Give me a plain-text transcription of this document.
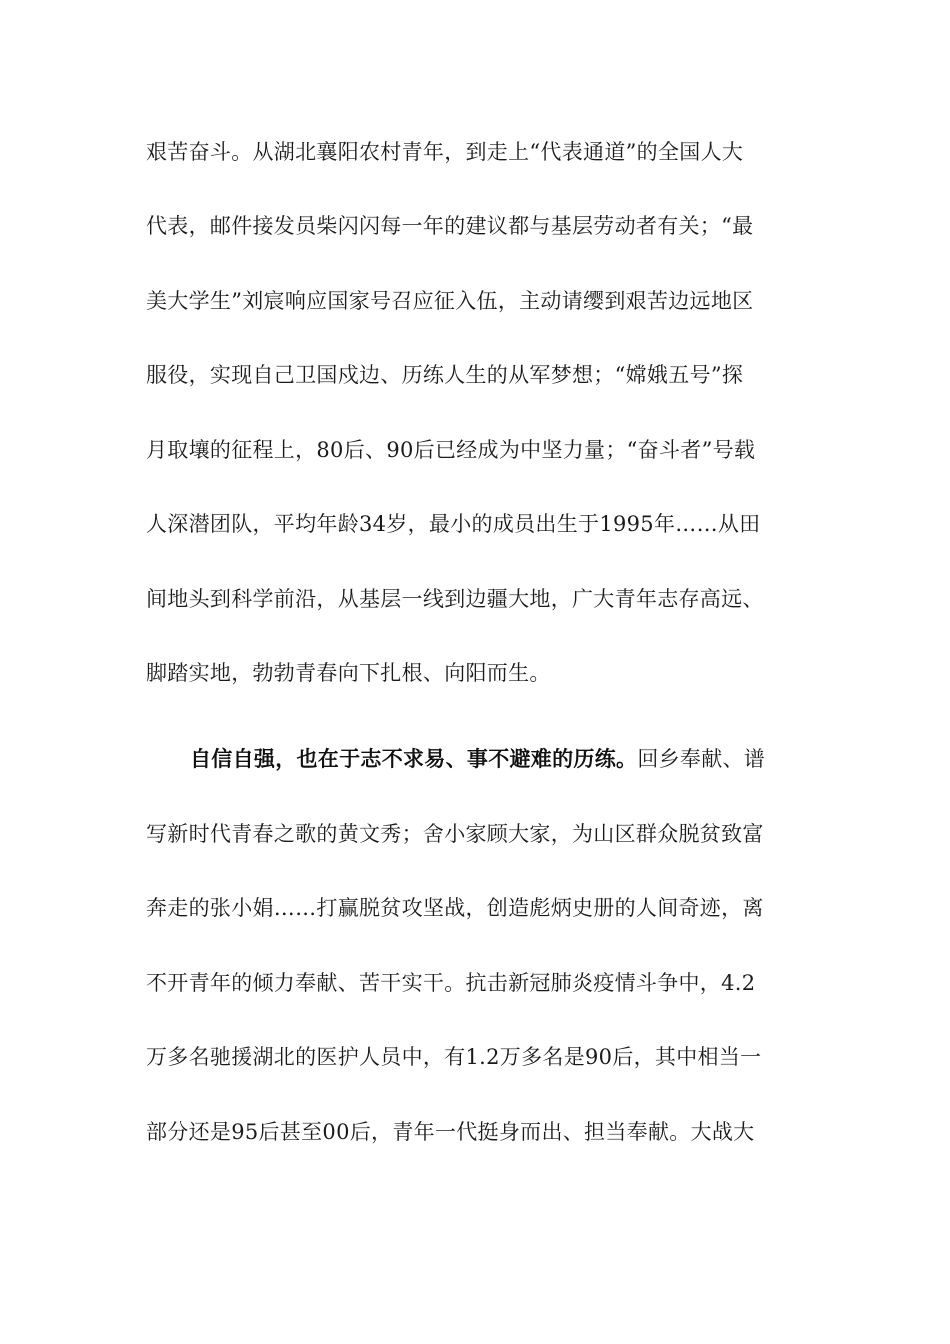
艰苦奋斗。从湖北襄阳农村青年，到走上“代表通道”的全国人大
代表，邮件接发员柴闪闪每一年的建议都与基层劳动者有关；“最
美大学生”刘宸响应国家号召应征入伍，主动请缨到艰苦边远地区
服役，实现自己卫国戍边、历练人生的从军梦想；“嫦娥五号”探
月取壤的征程上，80后、90后已经成为中坚力量；“奋斗者”号载
人深潜团队，平均年龄34岁，最小的成员出生于1995年……从田
间地头到科学前沿，从基层一线到边疆大地，广大青年志存高远、
脚踏实地，勃勃青春向下扎根、向阳而生。
自信自强，也在于志不求易、事不避难的历练。回乡奉献、谱
写新时代青春之歌的黄文秀；舍小家顾大家，为山区群众脱贫致富
奔走的张小娟……打赢脱贫攻坚战，创造彪炳史册的人间奇迹，离
不开青年的倾力奉献、苦干实干。抗击新冠肺炎疫情斗争中，4.2
万多名驰援湖北的医护人员中，有1.2万多名是90后，其中相当一
部分还是95后甚至00后，青年一代挺身而出、担当奉献。大战大
